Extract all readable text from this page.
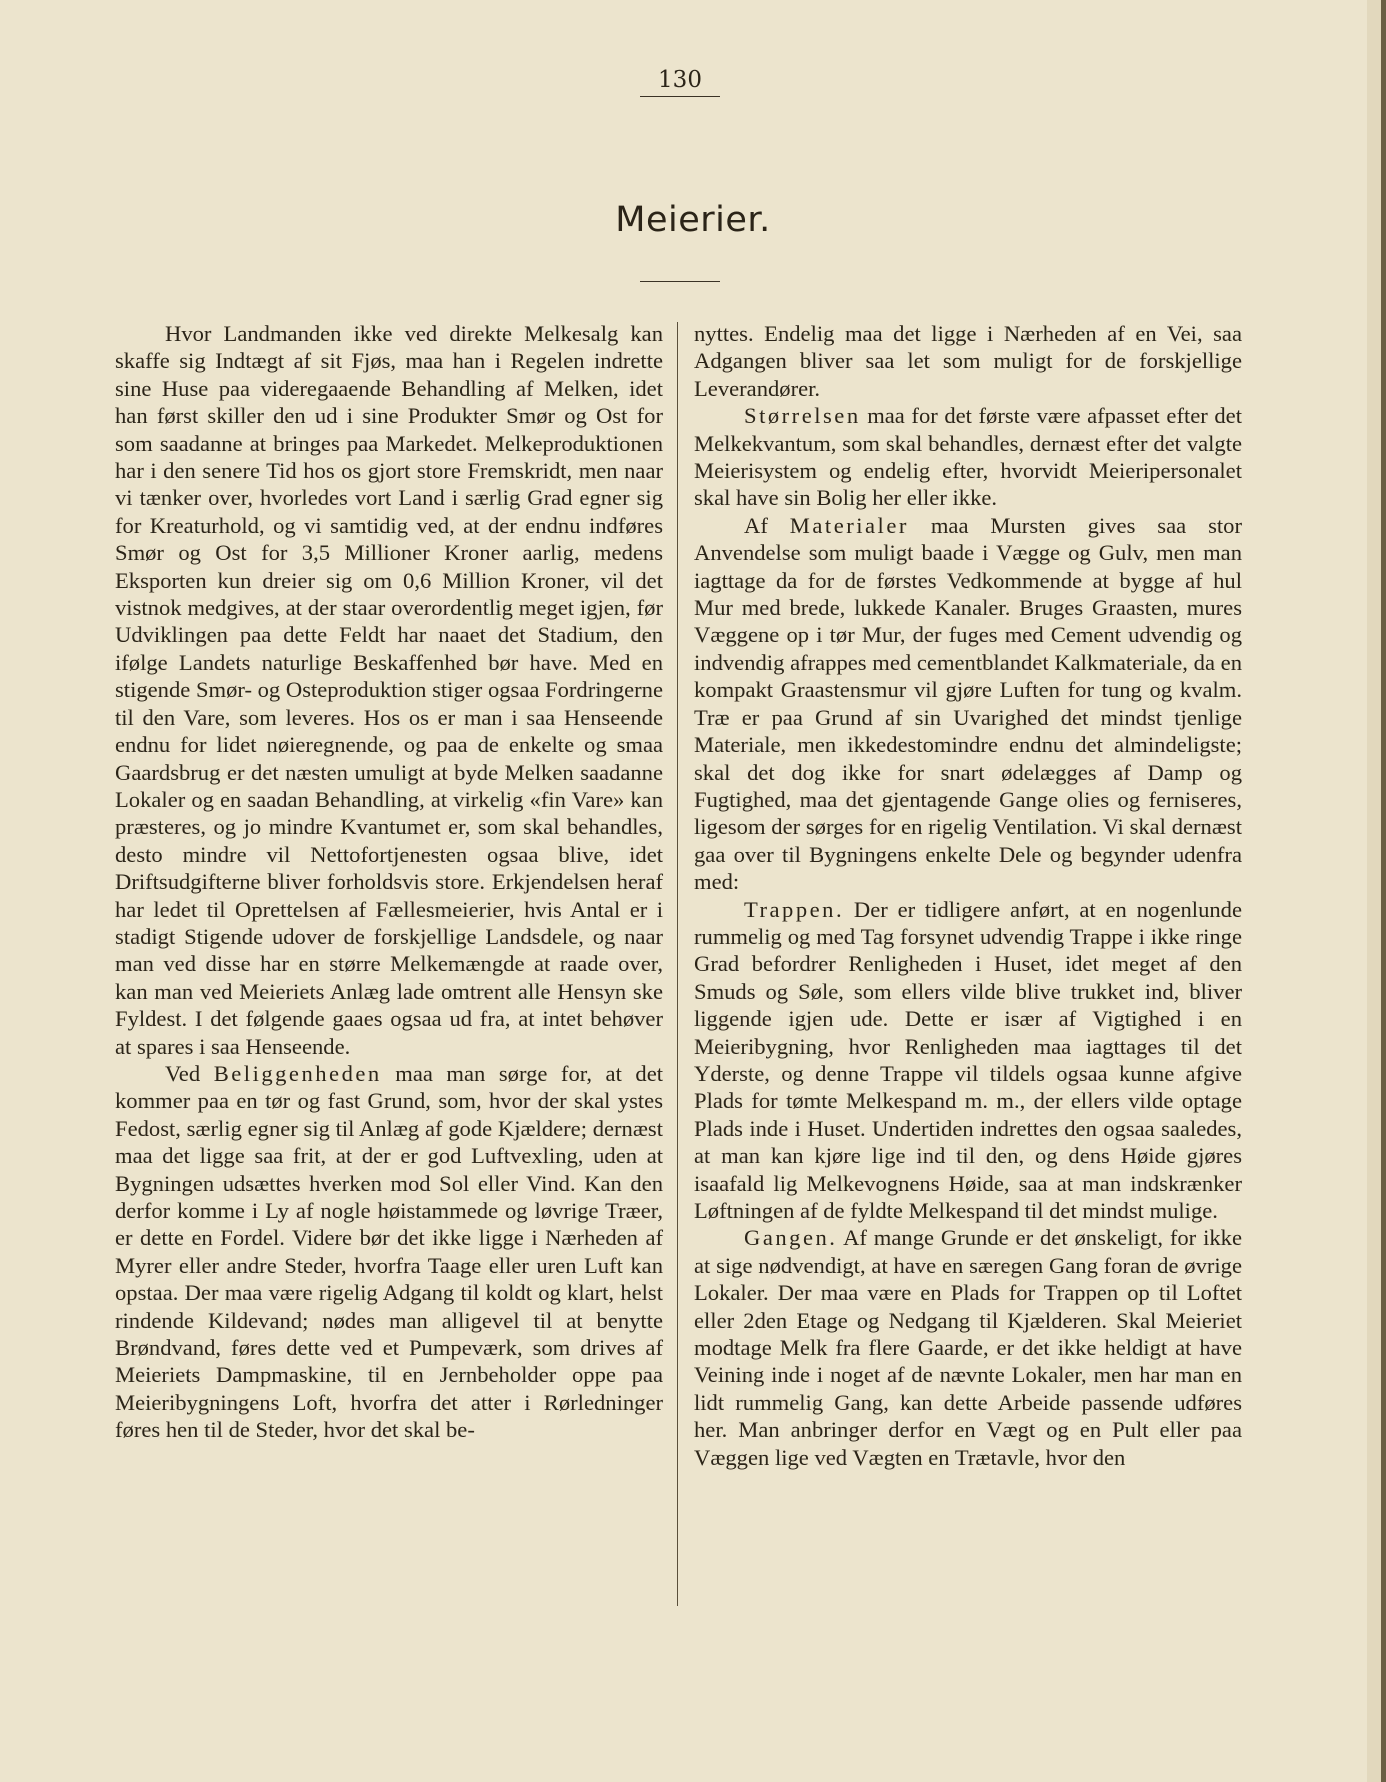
130
Meierier.

Hvor Landmanden ikke ved direkte Melkesalg kan skaffe sig Indtægt af sit Fjøs, maa han i Regelen indrette sine Huse paa videregaaende Behandling af Melken, idet han først skiller den ud i sine Produkter Smør og Ost for som saadanne at bringes paa Markedet. Melkeproduktionen har i den senere Tid hos os gjort store Fremskridt, men naar vi tænker over, hvorledes vort Land i særlig Grad egner sig for Kreaturhold, og vi samtidig ved, at der endnu indføres Smør og Ost for 3,5 Millioner Kroner aarlig, medens Eksporten kun dreier sig om 0,6 Million Kroner, vil det vistnok medgives, at der staar overordentlig meget igjen, før Udviklingen paa dette Feldt har naaet det Stadium, den ifølge Landets naturlige Beskaffenhed bør have. Med en stigende Smør- og Osteproduktion stiger ogsaa Fordringerne til den Vare, som leveres. Hos os er man i saa Henseende endnu for lidet nøieregnende, og paa de enkelte og smaa Gaardsbrug er det næsten umuligt at byde Melken saadanne Lokaler og en saadan Behandling, at virkelig «fin Vare» kan præsteres, og jo mindre Kvantumet er, som skal behandles, desto mindre vil Nettofortjenesten ogsaa blive, idet Driftsudgifterne bliver forholdsvis store. Erkjendelsen heraf har ledet til Oprettelsen af Fællesmeierier, hvis Antal er i stadigt Stigende udover de forskjellige Landsdele, og naar man ved disse har en større Melkemængde at raade over, kan man ved Meieriets Anlæg lade omtrent alle Hensyn ske Fyldest. I det følgende gaaes ogsaa ud fra, at intet behøver at spares i saa Henseende.

Ved Beliggenheden maa man sørge for, at det kommer paa en tør og fast Grund, som, hvor der skal ystes Fedost, særlig egner sig til Anlæg af gode Kjældere; dernæst maa det ligge saa frit, at der er god Luftvexling, uden at Bygningen udsættes hverken mod Sol eller Vind. Kan den derfor komme i Ly af nogle høistammede og løvrige Træer, er dette en Fordel. Videre bør det ikke ligge i Nærheden af Myrer eller andre Steder, hvorfra Taage eller uren Luft kan opstaa. Der maa være rigelig Adgang til koldt og klart, helst rindende Kildevand; nødes man alligevel til at benytte Brøndvand, føres dette ved et Pumpeværk, som drives af Meieriets Dampmaskine, til en Jernbeholder oppe paa Meieribygningens Loft, hvorfra det atter i Rørledninger føres hen til de Steder, hvor det skal be-

nyttes. Endelig maa det ligge i Nærheden af en Vei, saa Adgangen bliver saa let som muligt for de forskjellige Leverandører.

Størrelsen maa for det første være afpasset efter det Melkekvantum, som skal behandles, dernæst efter det valgte Meierisystem og endelig efter, hvorvidt Meieripersonalet skal have sin Bolig her eller ikke.

Af Materialer maa Mursten gives saa stor Anvendelse som muligt baade i Vægge og Gulv, men man iagttage da for de førstes Vedkommende at bygge af hul Mur med brede, lukkede Kanaler. Bruges Graasten, mures Væggene op i tør Mur, der fuges med Cement udvendig og indvendig afrappes med cementblandet Kalkmateriale, da en kompakt Graastensmur vil gjøre Luften for tung og kvalm. Træ er paa Grund af sin Uvarighed det mindst tjenlige Materiale, men ikkedestomindre endnu det almindeligste; skal det dog ikke for snart ødelægges af Damp og Fugtighed, maa det gjentagende Gange olies og ferniseres, ligesom der sørges for en rigelig Ventilation. Vi skal dernæst gaa over til Bygningens enkelte Dele og begynder udenfra med:

Trappen. Der er tidligere anført, at en nogenlunde rummelig og med Tag forsynet udvendig Trappe i ikke ringe Grad befordrer Renligheden i Huset, idet meget af den Smuds og Søle, som ellers vilde blive trukket ind, bliver liggende igjen ude. Dette er især af Vigtighed i en Meieribygning, hvor Renligheden maa iagttages til det Yderste, og denne Trappe vil tildels ogsaa kunne afgive Plads for tømte Melkespand m. m., der ellers vilde optage Plads inde i Huset. Undertiden indrettes den ogsaa saaledes, at man kan kjøre lige ind til den, og dens Høide gjøres isaafald lig Melkevognens Høide, saa at man indskrænker Løftningen af de fyldte Melkespand til det mindst mulige.

Gangen. Af mange Grunde er det ønskeligt, for ikke at sige nødvendigt, at have en særegen Gang foran de øvrige Lokaler. Der maa være en Plads for Trappen op til Loftet eller 2den Etage og Nedgang til Kjælderen. Skal Meieriet modtage Melk fra flere Gaarde, er det ikke heldigt at have Veining inde i noget af de nævnte Lokaler, men har man en lidt rummelig Gang, kan dette Arbeide passende udføres her. Man anbringer derfor en Vægt og en Pult eller paa Væggen lige ved Vægten en Trætavle, hvor den
